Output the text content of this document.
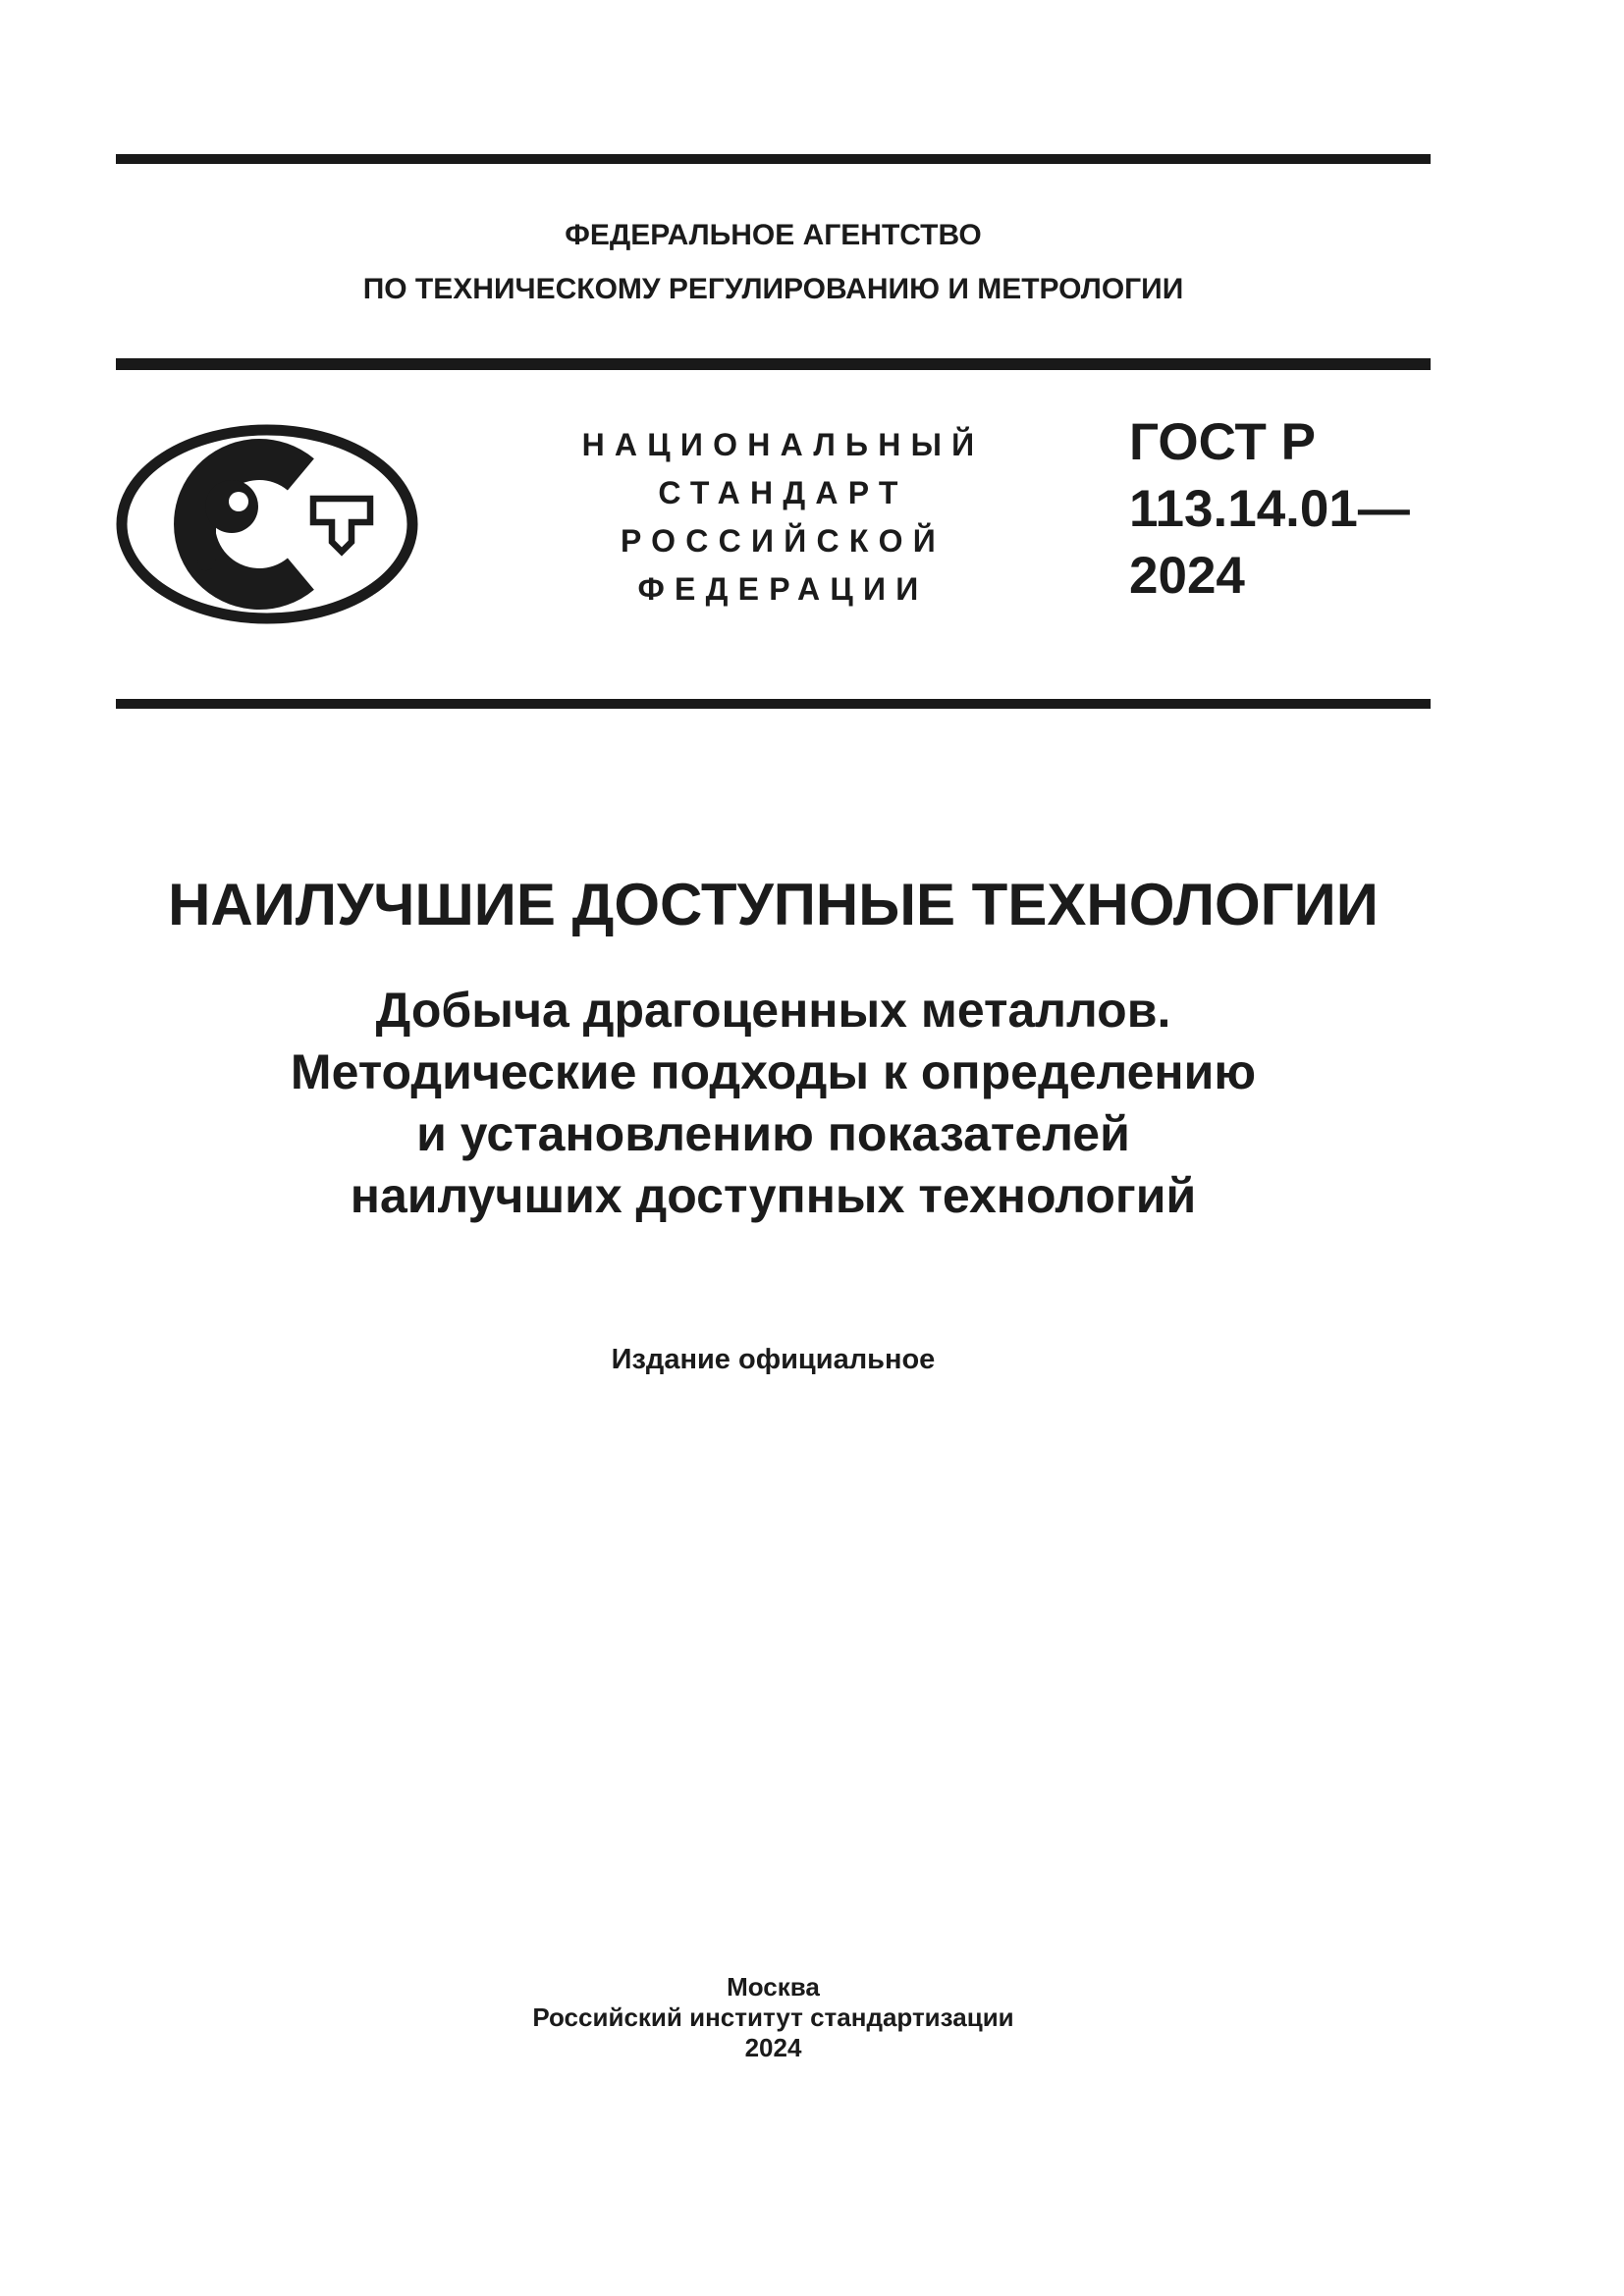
ФЕДЕРАЛЬНОЕ АГЕНТСТВО
ПО ТЕХНИЧЕСКОМУ РЕГУЛИРОВАНИЮ И МЕТРОЛОГИИ
НАЦИОНАЛЬНЫЙ
СТАНДАРТ
РОССИЙСКОЙ
ФЕДЕРАЦИИ
ГОСТ Р
113.14.01—
2024
НАИЛУЧШИЕ ДОСТУПНЫЕ ТЕХНОЛОГИИ
Добыча драгоценных металлов.
Методические подходы к определению
и установлению показателей
наилучших доступных технологий
Издание официальное
Москва
Российский институт стандартизации
2024
